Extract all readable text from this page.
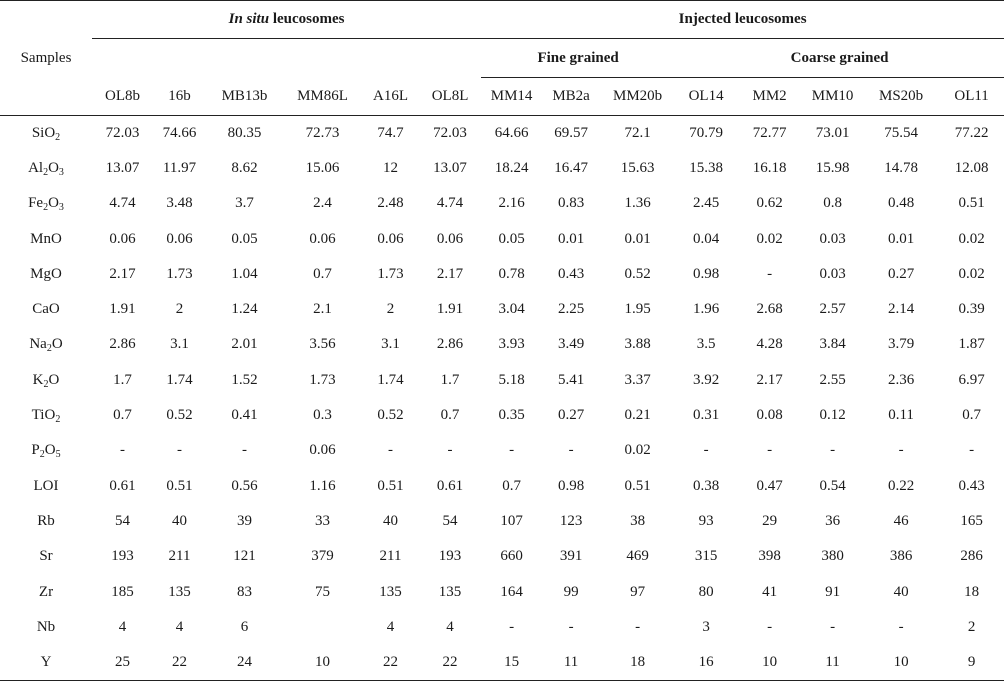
Samples	In situ leucosomes						Injected leucosomes							
							Fine grained			Coarse grained				
	OL8b	16b	MB13b	MM86L	A16L	OL8L	MM14	MB2a	MM20b	OL14	MM2	MM10	MS20b	OL11
SiO$_2$	72.03	74.66	80.35	72.73	74.7	72.03	64.66	69.57	72.1	70.79	72.77	73.01	75.54	77.22
$Al_2O_3$	13.07	11.97	8.62	15.06	12	13.07	18.24	16.47	15.63	15.38	16.18	15.98	14.78	12.08
$Fe_2O_3$	4.74	3.48	3.7	2.4	2.48	4.74	2.16	0.83	1.36	2.45	0.62	0.8	0.48	0.51
MnO	0.06	0.06	0.05	0.06	0.06	0.06	0.05	0.01	0.01	0.04	0.02	0.03	0.01	0.02
MgO	2.17	1.73	1.04	0.7	1.73	2.17	0.78	0.43	0.52	0.98	-	0.03	0.27	0.02
CaO	1.91	2	1.24	2.1	2	1.91	3.04	2.25	1.95	1.96	2.68	2.57	2.14	0.39
$Na_2O$	2.86	3.1	2.01	3.56	3.1	2.86	3.93	3.49	3.88	3.5	4.28	3.84	3.79	1.87
$K_2O$	1.7	1.74	1.52	1.73	1.74	1.7	5.18	5.41	3.37	3.92	2.17	2.55	2.36	6.97
TiO$_2$	0.7	0.52	0.41	0.3	0.52	0.7	0.35	0.27	0.21	0.31	0.08	0.12	0.11	0.7
$P_2O_5$	-	-	-	0.06	-	-	-	-	0.02	-	-	-	-	-
LOI	0.61	0.51	0.56	1.16	0.51	0.61	0.7	0.98	0.51	0.38	0.47	0.54	0.22	0.43
Rb	54	40	39	33	40	54	107	123	38	93	29	36	46	165
Sr	193	211	121	379	211	193	660	391	469	315	398	380	386	286
Zr	185	135	83	75	135	135	164	99	97	80	41	91	40	18
Nb	4	4	6		4	4	-	-	-	3	-	-	-	2
Y	25	22	24	10	22	22	15	11	18	16	10	11	10	9
